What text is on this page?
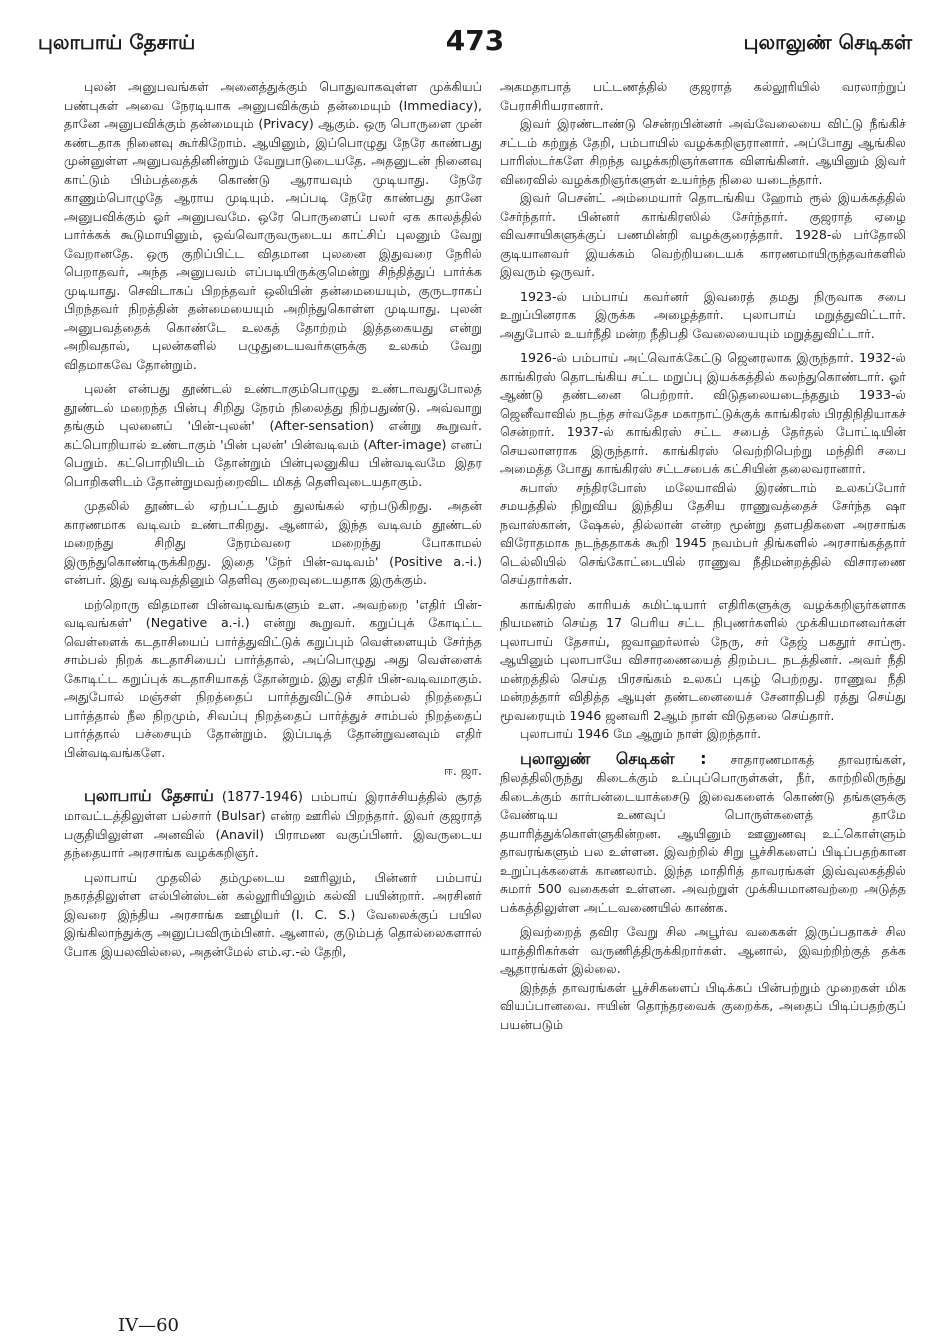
புலாபாய் தேசாய்	473	புலாலுண் செடிகள்

புலன் அனுபவங்கள் அனைத்துக்கும் பொதுவாகவுள்ள முக்கியப் பண்புகள் அவை நேரடியாக அனுபவிக்கும் தன்மையும் (Immediacy), தானே அனுபவிக்கும் தன்மையும் (Privacy) ஆகும். ஒரு பொருளை முன் கண்டதாக நினைவு கூர்கிறோம். ஆயினும், இப்பொழுது நேரே காண்பது முன்னுள்ள அனுபவத்தினின்றும் வேறுபாடுடையதே. அதனுடன் நினைவு காட்டும் பிம்பத்தைக் கொண்டு ஆராயவும் முடியாது. நேரே காணும்பொழுதே ஆராய முடியும். அப்படி நேரே காண்பது தானே அனுபவிக்கும் ஓர் அனுபவமே. ஒரே பொருளைப் பலர் ஏக காலத்தில் பார்க்கக் கூடுமாயினும், ஒவ்வொருவருடைய காட்சிப் புலனும் வேறு வேறானதே. ஒரு குறிப்பிட்ட விதமான புலனை இதுவரை நேரில் பெறாதவர், அந்த அனுபவம் எப்படியிருக்குமென்று சிந்தித்துப் பார்க்க முடியாது. செவிடாகப் பிறந்தவர் ஒலியின் தன்மையையும், குருடராகப் பிறந்தவர் நிறத்தின் தன்மையையும் அறிந்துகொள்ள முடியாது. புலன் அனுபவத்தைக் கொண்டே உலகத் தோற்றம் இத்தகையது என்று அறிவதால், புலன்களில் பழுதுடையவர்களுக்கு உலகம் வேறு விதமாகவே தோன்றும்.

புலன் என்பது தூண்டல் உண்டாகும்பொழுது உண்டாவதுபோலத் தூண்டல் மறைந்த பின்பு சிறிது நேரம் நிலைத்து நிற்பதுண்டு. அவ்வாறு தங்கும் புலனைப் 'பின்-புலன்' (After-sensation) என்று கூறுவர். கட்பொறியால் உண்டாகும் 'பின் புலன்' பின்வடிவம் (After-image) எனப் பெறும். கட்பொறியிடம் தோன்றும் பின்புலனுகிய பின்வடிவமே இதர பொறிகளிடம் தோன்றுமவற்றைவிட மிகத் தெளிவுடையதாகும்.

முதலில் தூண்டல் ஏற்பட்டதும் துலங்கல் ஏற்படுகிறது. அதன் காரணமாக வடிவம் உண்டாகிறது. ஆனால், இந்த வடிவம் தூண்டல் மறைந்து சிறிது நேரம்வரை மறைந்து போகாமல் இருந்துகொண்டிருக்கிறது. இதை 'நேர் பின்-வடிவம்' (Positive a.-i.) என்பர். இது வடிவத்தினும் தெளிவு குறைவுடையதாக இருக்கும்.

மற்றொரு விதமான பின்வடிவங்களும் உள. அவற்றை 'எதிர் பின்-வடிவங்கள்' (Negative a.-i.) என்று கூறுவர். கறுப்புக் கோடிட்ட வெள்ளைக் கடதாசியைப் பார்த்துவிட்டுக் கறுப்பும் வெள்ளையும் சேர்ந்த சாம்பல் நிறக் கடதாசியைப் பார்த்தால், அப்பொழுது அது வெள்ளைக் கோடிட்ட கறுப்புக் கடதாசியாகத் தோன்றும். இது எதிர் பின்-வடிவமாகும். அதுபோல் மஞ்சள் நிறத்தைப் பார்த்துவிட்டுச் சாம்பல் நிறத்தைப் பார்த்தால் நீல நிறமும், சிவப்பு நிறத்தைப் பார்த்துச் சாம்பல் நிறத்தைப் பார்த்தால் பச்சையும் தோன்றும். இப்படித் தோன்றுவனவும் எதிர் பின்வடிவங்களே.

ஈ. ஜா.

புலாபாய் தேசாய் (1877-1946) பம்பாய் இராச்சியத்தில் சூரத் மாவட்டத்திலுள்ள பல்சார் (Bulsar) என்ற ஊரில் பிறந்தார். இவர் குஜராத் பகுதியிலுள்ள அனவில் (Anavil) பிராமண வகுப்பினர். இவருடைய தந்தையார் அரசாங்க வழக்கறிஞர்.

புலாபாய் முதலில் தம்முடைய ஊரிலும், பின்னர் பம்பாய் நகரத்திலுள்ள எல்பின்ஸ்டன் கல்லூரியிலும் கல்வி பயின்றார். அரசினர் இவரை இந்திய அரசாங்க ஊழியர் (I. C. S.) வேலைக்குப் பயில இங்கிலாந்துக்கு அனுப்பவிரும்பினர். ஆனால், குடும்பத் தொல்லைகளால் போக இயலவில்லை, அதன்மேல் எம்.ஏ.-ல் தேறி,

அகமதாபாத் பட்டணத்தில் குஜராத் கல்லூரியில் வரலாற்றுப் பேராசிரியரானார்.

இவர் இரண்டாண்டு சென்றபின்னர் அவ்வேலையை விட்டு நீங்கிச் சட்டம் கற்றுத் தேறி, பம்பாயில் வழக்கறிஞரானார். அப்போது ஆங்கில பாரிஸ்டர்களே சிறந்த வழக்கறிஞர்களாக விளங்கினர். ஆயினும் இவர் விரைவில் வழக்கறிஞர்களுள் உயர்ந்த நிலை யடைந்தார்.

இவர் பெசன்ட் அம்மையார் தொடங்கிய ஹோம் ரூல் இயக்கத்தில் சேர்ந்தார். பின்னர் காங்கிரஸில் சேர்ந்தார். குஜராத் ஏழை விவசாயிகளுக்குப் பணமின்றி வழக்குரைத்தார். 1928-ல் பர்தோலி குடியானவர் இயக்கம் வெற்றியடையக் காரணமாயிருந்தவர்களில் இவரும் ஒருவர்.

1923-ல் பம்பாய் கவர்னர் இவரைத் தமது நிருவாக சபை உறுப்பினராக இருக்க அழைத்தார். புலாபாய் மறுத்துவிட்டார். அதுபோல் உயர்நீதி மன்ற நீதிபதி வேலையையும் மறுத்துவிட்டார்.

1926-ல் பம்பாய் அட்வொக்கேட்டு ஜெனரலாக இருந்தார். 1932-ல் காங்கிரஸ் தொடங்கிய சட்ட மறுப்பு இயக்கத்தில் கலந்துகொண்டார். ஓர் ஆண்டு தண்டனை பெற்றார். விடுதலையடைந்ததும் 1933-ல் ஜெனீவாவில் நடந்த சர்வதேச மகாநாட்டுக்குக் காங்கிரஸ் பிரதிநிதியாகச் சென்றார். 1937-ல் காங்கிரஸ் சட்ட சபைத் தேர்தல் போட்டியின் செயலாளராக இருந்தார். காங்கிரஸ் வெற்றிபெற்று மந்திரி சபை அமைத்த போது காங்கிரஸ் சட்டசபைக் கட்சியின் தலைவரானார்.

சுபாஸ் சந்திரபோஸ் மலேயாவில் இரண்டாம் உலகப்போர் சமயத்தில் நிறுவிய இந்திய தேசிய ராணுவத்தைச் சேர்ந்த ஷா நவாஸ்கான், ஷேகல், தில்லான் என்ற மூன்று தளபதிகளை அரசாங்க விரோதமாக நடந்ததாகக் கூறி 1945 நவம்பர் திங்களில் அரசாங்கத்தார் டெல்லியில் செங்கோட்டையில் ராணுவ நீதிமன்றத்தில் விசாரணை செய்தார்கள்.

காங்கிரஸ் காரியக் கமிட்டியார் எதிரிகளுக்கு வழக்கறிஞர்களாக நியமனம் செய்த 17 பெரிய சட்ட நிபுணர்களில் முக்கியமானவர்கள் புலாபாய் தேசாய், ஜவாஹர்லால் நேரு, சர் தேஜ் பகதூர் சாப்ரூ. ஆயினும் புலாபாயே விசாரணையைத் திறம்பட நடத்தினர். அவர் நீதி மன்றத்தில் செய்த பிரசங்கம் உலகப் புகழ் பெற்றது. ராணுவ நீதி மன்றத்தார் விதித்த ஆயுள் தண்டனையைச் சேனாதிபதி ரத்து செய்து மூவரையும் 1946 ஜனவரி 2ஆம் நாள் விடுதலை செய்தார்.

புலாபாய் 1946 மே ஆறும் நாள் இறந்தார்.

புலாலுண் செடிகள் : சாதாரணமாகத் தாவரங்கள், நிலத்திலிருந்து கிடைக்கும் உப்புப்பொருள்கள், நீர், காற்றிலிருந்து கிடைக்கும் கார்பன்டையாக்சைடு இவைகளைக் கொண்டு தங்களுக்கு வேண்டிய உணவுப் பொருள்களைத் தாமே தயாரித்துக்கொள்ளுகின்றன. ஆயினும் ஊனுணவு உட்கொள்ளும் தாவரங்களும் பல உள்ளன. இவற்றில் சிறு பூச்சிகளைப் பிடிப்பதற்கான உறுப்புக்களைக் காணலாம். இந்த மாதிரித் தாவரங்கள் இவ்வுலகத்தில் சுமார் 500 வகைகள் உள்ளன. அவற்றுள் முக்கியமானவற்றை அடுத்த பக்கத்திலுள்ள அட்டவணையில் காண்க.

இவற்றைத் தவிர வேறு சில அபூர்வ வகைகள் இருப்பதாகச் சில யாத்திரிகர்கள் வருணித்திருக்கிறார்கள். ஆனால், இவற்றிற்குத் தக்க ஆதாரங்கள் இல்லை.

இந்தத் தாவரங்கள் பூச்சிகளைப் பிடிக்கப் பின்பற்றும் முறைகள் மிக வியப்பானவை. ஈயின் தொந்தரவைக் குறைக்க, அதைப் பிடிப்பதற்குப் பயன்படும்

IV—60
